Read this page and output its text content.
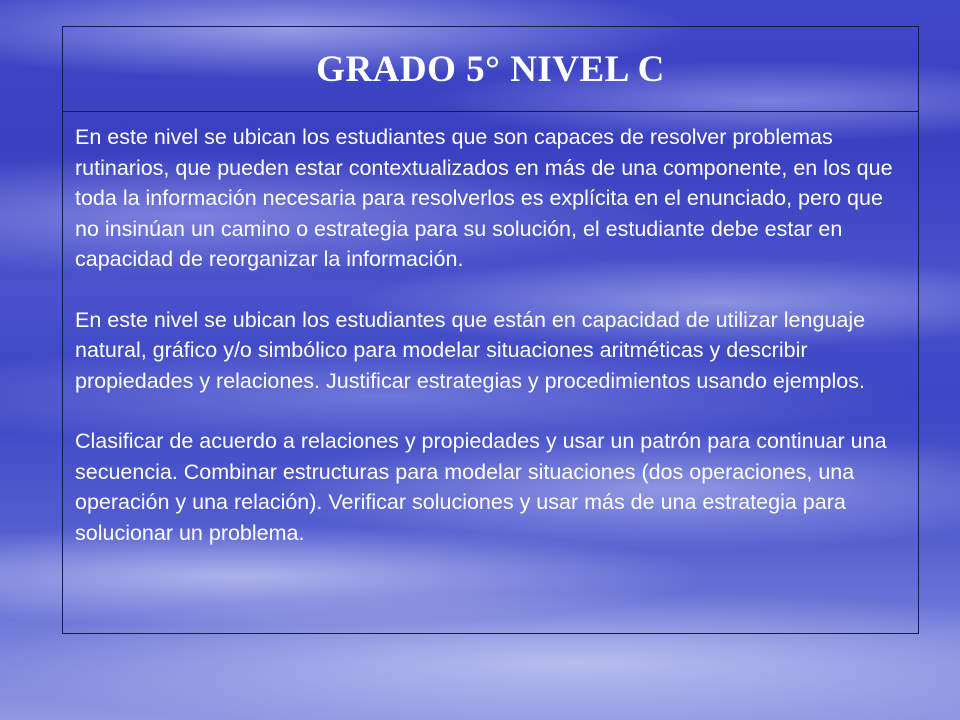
GRADO 5° NIVEL C

En este nivel se ubican los estudiantes que son capaces de resolver problemas rutinarios, que pueden estar contextualizados en más de una componente, en los que toda la información necesaria para resolverlos es explícita en el enunciado, pero que no insinúan un camino o estrategia para su solución, el estudiante debe estar en capacidad de reorganizar la información.

En este nivel se ubican los estudiantes que están en capacidad de utilizar lenguaje natural, gráfico y/o simbólico para modelar situaciones aritméticas y describir propiedades y relaciones. Justificar estrategias y procedimientos usando ejemplos.

Clasificar de acuerdo a relaciones y propiedades y usar un patrón para continuar una secuencia. Combinar estructuras para modelar situaciones (dos operaciones, una operación y una relación). Verificar soluciones y usar más de una estrategia para solucionar un problema.
